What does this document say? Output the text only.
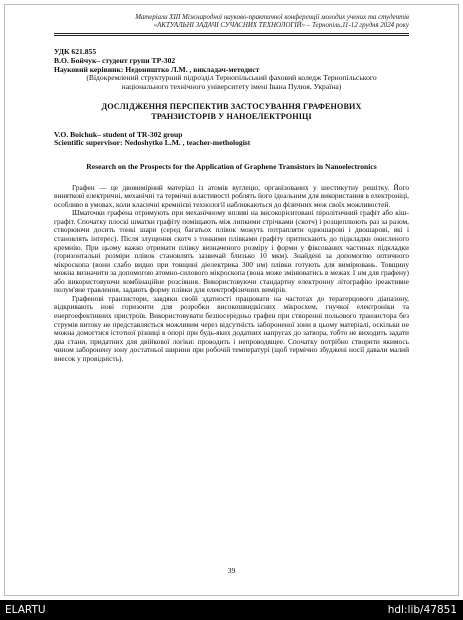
Матеріали XIII Міжнародної науково-практичної конференції молодих учених та студентів
«АКТУАЛЬНІ ЗАДАЧІ СУЧАСНИХ ТЕХНОЛОГІЙ» – Тернопіль,11-12 грудня 2024 року
УДК 621.855
В.О. Бойчук– студент групи ТР-302
Науковий керівник: Недоништко Л.М. , викладач-методист
(Відокремлений структурний підрозділ Тернопільський фаховий коледж Тернопільського
національного технічного університету імені Івана Пулюя, Україна)
ДОСЛІДЖЕННЯ ПЕРСПЕКТИВ ЗАСТОСУВАННЯ ГРАФЕНОВИХ
ТРАНЗИСТОРІВ У НАНОЕЛЕКТРОНІЦІ
V.O. Boichuk– student of TR-302 group
Scientific supervisor: Nedoshytko L.M. , teacher-methologist
Research on the Prospects for the Application of Graphene Transistors in Nanoelectronics

Графен — це двовимірний матеріал із атомів вуглецю, організованих у шестикутну решітку. Його винятковї електричні, механічні та термічні властивості роблять його ідеальним для використання в електроніці, особливо в умовах, коли класичні кремнієві технології наближаються до фізичних меж своїх можливостей.

Шматочки графена отримують при механічному впливі на високорієнтовані піролітичний графіт або кіш-графіт. Спочатку плоскі шматки графіту поміщають між липкими стрічками (скотч) і розщеплюють раз за разом, створюючи досить тонкі шари (серед багатьох плівок можуть потрапляти одношарові і двошарові, які і становлять інтерес). Після злущення скотч з тонкими плівками графіту притискають до підкладки окисленого кремнію. При цьому важко отримати плівку визначеного розміру і форми у фіксованих частинах підкладки (горизонтальні розміри плівок становлять зазвичай близько 10 мкм). Знайдені за допомогою оптичного мікроскопа (вони слабо видно при товщині діелектрика 300 нм) плівки готують для вимірювань. Товщину можна визначити за допомогою атомно-силового мікроскопа (вона може змінюватись в межах 1 нм для графену) або використовуючи комбінаційне розсіяння. Використовуючи стандартну електронну літографію іреактивне полум'яне травлення, задають форму плівки для електрофізичних вимірів.

Графенові транзистори, завдяки своїй здатності працювати на частотах до терагерцового діапазону, відкривають нові горизонти для розробки високошвидкісних мікросхем, гнучкої електроніки та енергоефективних пристроїв. Використовувати безпосередньо графен при створенні польового транзистора без струмів витоку не представляється можливим через відсутність забороненої зони в цьому матеріалі, оскільки не можна домогтися істотної різниці в опорі при будь-яких додатних напругах до затвора, тобто не виходить задати два стани, придатних для двійкової логіки: проводить і непроводящее. Спочатку потрібно створити якимось чином заборонену зону достатньої ширини при робочій температурі (щоб термічно збуджені носії давали малий внесок у провідність).

39
ELARTU	hdl:lib/47851
